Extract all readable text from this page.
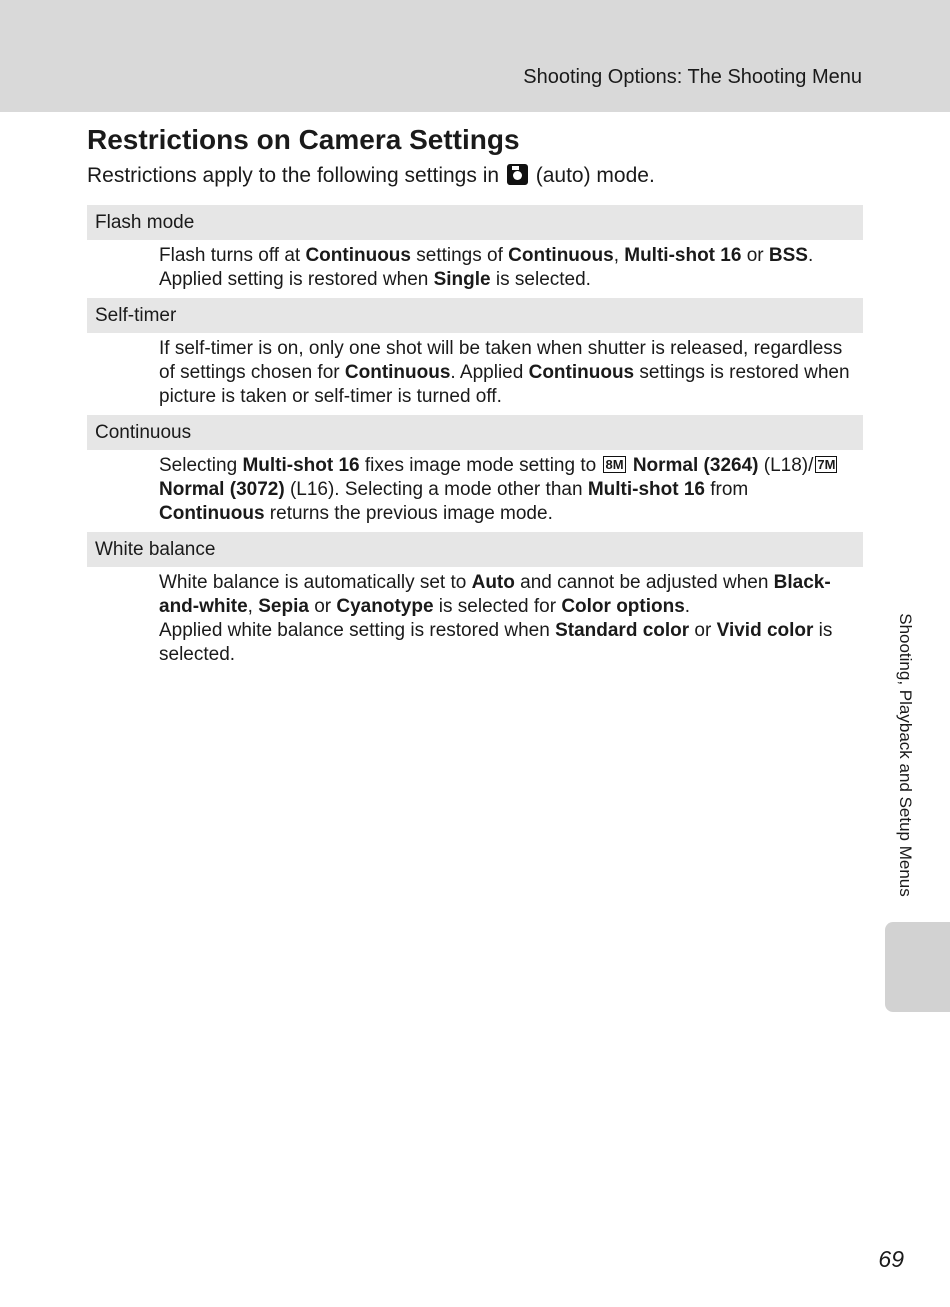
Shooting Options: The Shooting Menu
Restrictions on Camera Settings
Restrictions apply to the following settings in (auto) mode.
Flash mode
Flash turns off at Continuous settings of Continuous, Multi-shot 16 or BSS. Applied setting is restored when Single is selected.
Self-timer
If self-timer is on, only one shot will be taken when shutter is released, regardless of settings chosen for Continuous. Applied Continuous settings is restored when picture is taken or self-timer is turned off.
Continuous
Selecting Multi-shot 16 fixes image mode setting to 8M Normal (3264) (L18)/ 7M Normal (3072) (L16). Selecting a mode other than Multi-shot 16 from Continuous returns the previous image mode.
White balance
White balance is automatically set to Auto and cannot be adjusted when Black-and-white, Sepia or Cyanotype is selected for Color options.
Applied white balance setting is restored when Standard color or Vivid color is selected.	Shooting, Playback and Setup Menus
69
